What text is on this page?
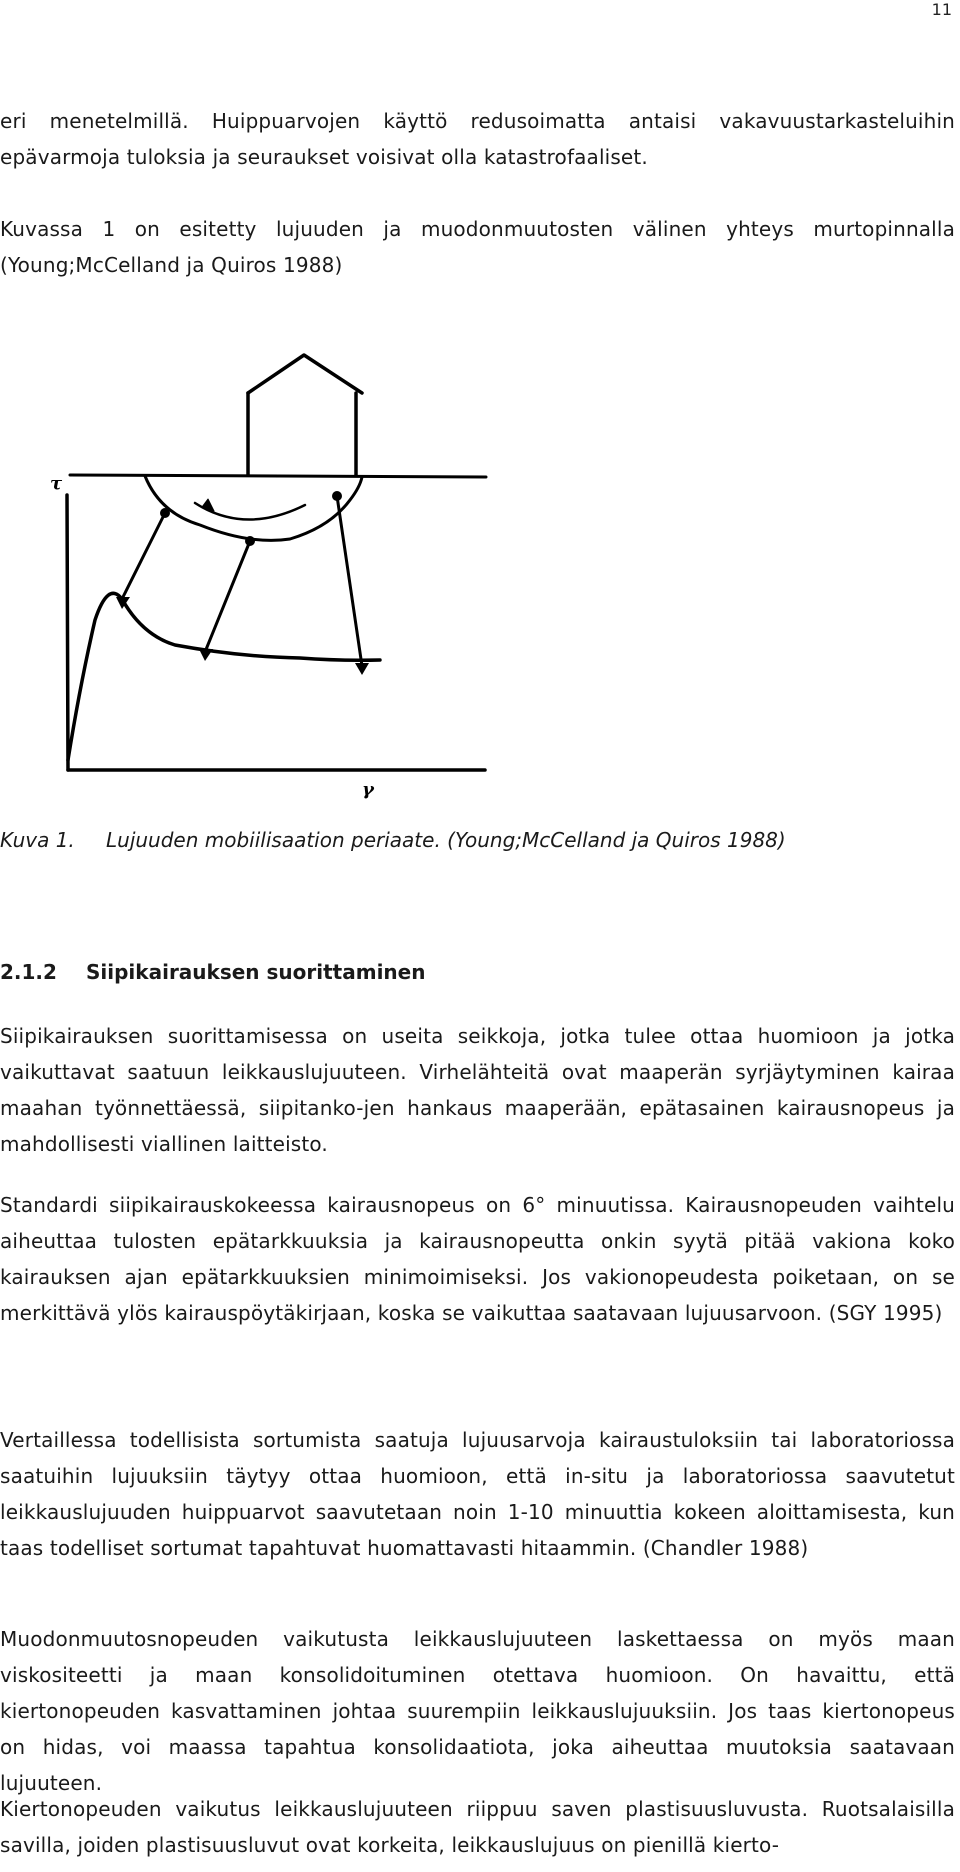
11

eri menetelmillä. Huippuarvojen käyttö redusoimatta antaisi vakavuustarkasteluihin epävarmoja tuloksia ja seuraukset voisivat olla katastrofaaliset.

Kuvassa 1 on esitetty lujuuden ja muodonmuutosten välinen yhteys murtopinnalla (Young;McCelland ja Quiros 1988)

τ
γ

Kuva 1. Lujuuden mobiilisaation periaate. (Young;McCelland ja Quiros 1988)

2.1.2 Siipikairauksen suorittaminen

Siipikairauksen suorittamisessa on useita seikkoja, jotka tulee ottaa huomioon ja jotka vaikuttavat saatuun leikkauslujuuteen. Virhelähteitä ovat maaperän syrjäytyminen kairaa maahan työnnettäessä, siipitanko-jen hankaus maaperään, epätasainen kairausnopeus ja mahdollisesti viallinen laitteisto.

Standardi siipikairauskokeessa kairausnopeus on 6° minuutissa. Kairausnopeuden vaihtelu aiheuttaa tulosten epätarkkuuksia ja kairausnopeutta onkin syytä pitää vakiona koko kairauksen ajan epätarkkuuksien minimoimiseksi. Jos vakionopeudesta poiketaan, on se merkittävä ylös kairauspöytäkirjaan, koska se vaikuttaa saatavaan lujuusarvoon. (SGY 1995)

Vertaillessa todellisista sortumista saatuja lujuusarvoja kairaustuloksiin tai laboratoriossa saatuihin lujuuksiin täytyy ottaa huomioon, että in-situ ja laboratoriossa saavutetut leikkauslujuuden huippuarvot saavutetaan noin 1-10 minuuttia kokeen aloittamisesta, kun taas todelliset sortumat tapahtuvat huomattavasti hitaammin. (Chandler 1988)

Muodonmuutosnopeuden vaikutusta leikkauslujuuteen laskettaessa on myös maan viskositeetti ja maan konsolidoituminen otettava huomioon. On havaittu, että kiertonopeuden kasvattaminen johtaa suurempiin leikkauslujuuksiin. Jos taas kiertonopeus on hidas, voi maassa tapahtua konsolidaatiota, joka aiheuttaa muutoksia saatavaan lujuuteen.

Kiertonopeuden vaikutus leikkauslujuuteen riippuu saven plastisuusluvusta. Ruotsalaisilla savilla, joiden plastisuusluvut ovat korkeita, leikkauslujuus on pienillä kierto-
